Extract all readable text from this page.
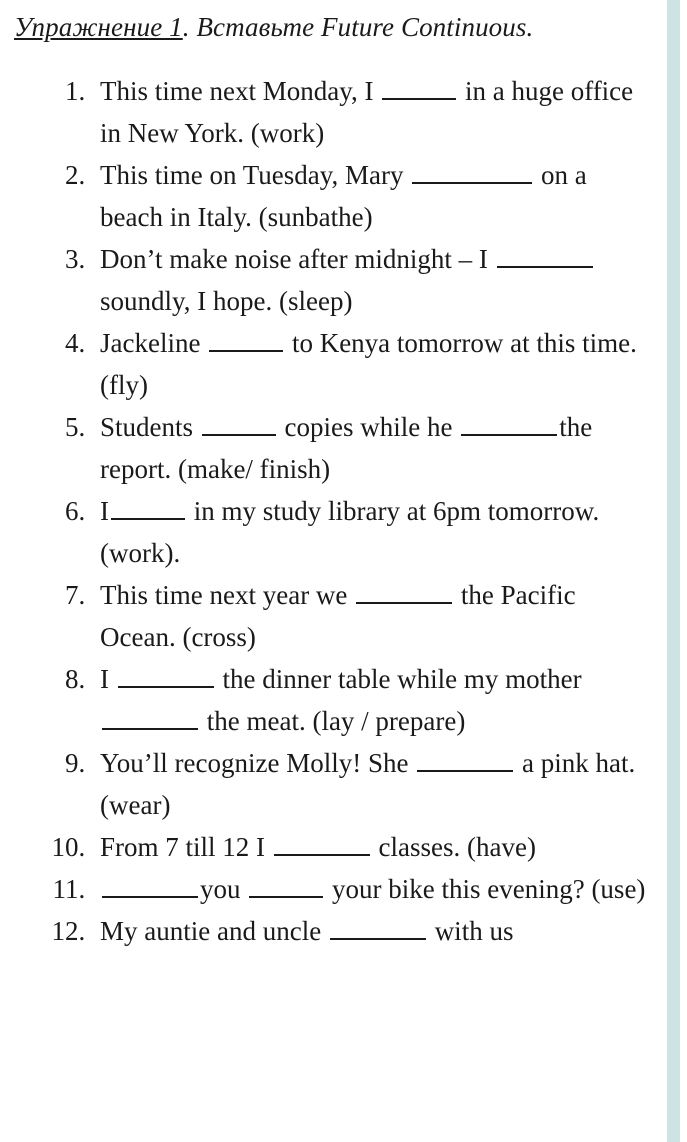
Упражнение 1. Вставьте Future Continuous.
1. This time next Monday, I	in a huge office in New York. (work)
2. This time on Tuesday, Mary	on a beach in Italy. (sunbathe)
3. Don’t make noise after midnight – I  soundly, I hope. (sleep)
4. Jackeline	to Kenya tomorrow at this time. (fly)
5. Students	copies while he	the report. (make/ finish)
6. I	in my study library at 6pm tomorrow. (work).
7. This time next year we	the Pacific Ocean. (cross)
8. I	the dinner table while my mother the meat. (lay / prepare)
9. You’ll recognize Molly! She	a pink hat. (wear)
10. From 7 till 12 I	classes. (have)
11. you	your bike this evening? (use)
12. My auntie and uncle	with us
